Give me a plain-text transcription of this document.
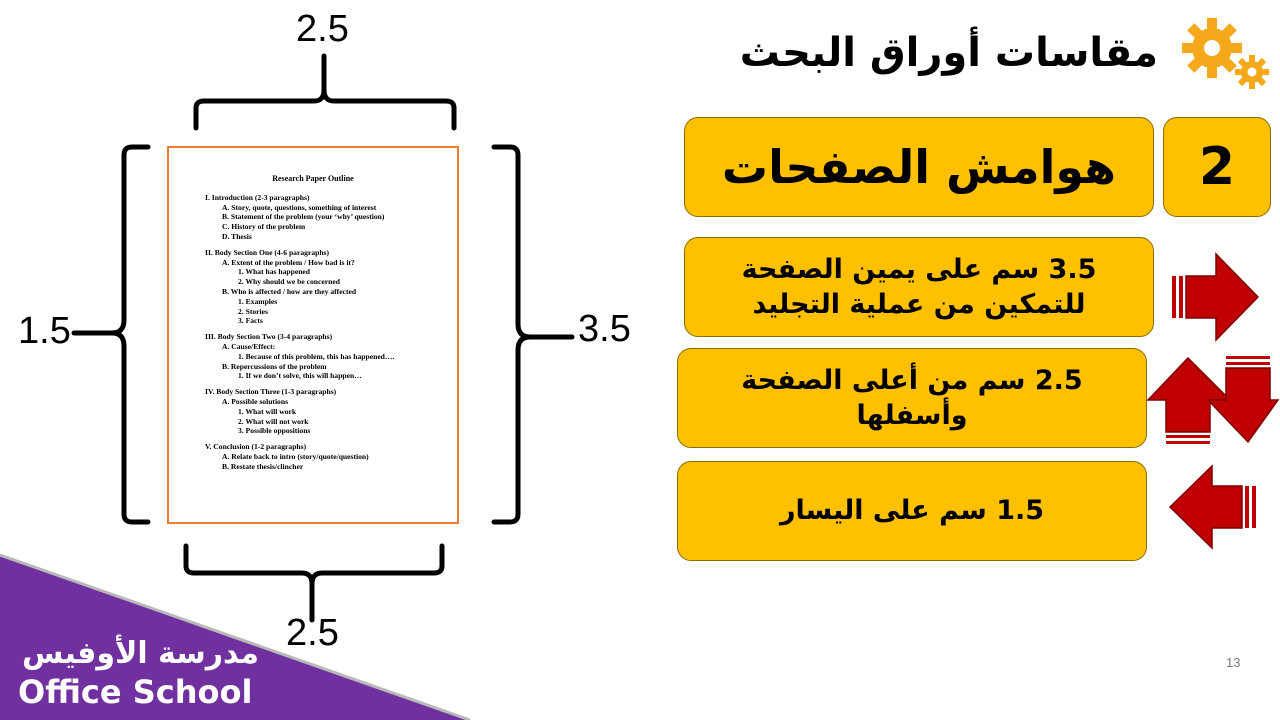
مقاسات أوراق البحث
هوامش الصفحات	2
3.5 سم على يمين الصفحة للتمكين من عملية التجليد
2.5 سم من أعلى الصفحة وأسفلها
1.5 سم على اليسار
2.5
2.5
1.5	3.5
Research Paper Outline
I. Introduction (2-3 paragraphs)
A. Story, quote, questions, something of interest
B. Statement of the problem (your ‘why’ question)
C. History of the problem
D. Thesis
II. Body Section One (4-6 paragraphs)
A. Extent of the problem / How bad is it?
1. What has happened
2. Why should we be concerned
B. Who is affected / how are they affected
1. Examples
2. Stories
3. Facts
III. Body Section Two (3-4 paragraphs)
A. Cause/Effect:
1. Because of this problem, this has happened….
B. Repercussions of the problem
1. If we don’t solve, this will happen…
IV. Body Section Three (1-3 paragraphs)
A. Possible solutions
1. What will work
2. What will not work
3. Possible oppositions
V. Conclusion (1-2 paragraphs)
A. Relate back to intro (story/quote/question)
B. Restate thesis/clincher
مدرسة الأوفيس
Office School
13
